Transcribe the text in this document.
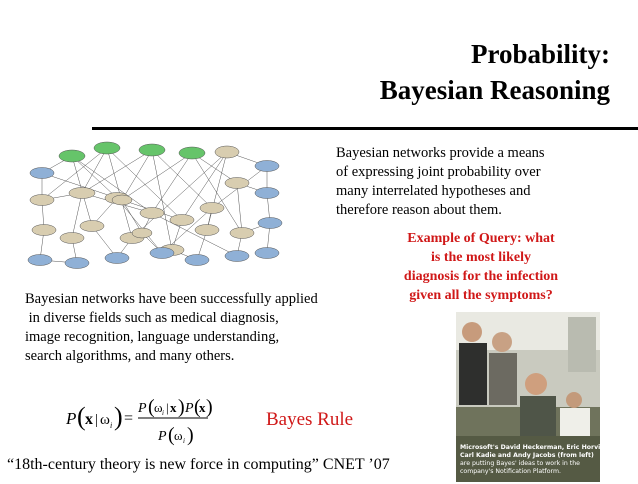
Probability:
Bayesian Reasoning
Bayesian networks provide a means
of expressing joint probability over
many interrelated hypotheses and
therefore reason about them.
Example of Query: what
is the most likely
diagnosis for the infection
given all the symptoms?
Bayesian networks have been successfully applied
in diverse fields such as medical diagnosis,
image recognition, language understanding,
search algorithms, and many others.
P ( x | ω i ) =
P ( ω i | x ) P (
x )
P ( ω i )
Bayes Rule
“18th-century theory is new force in computing” CNET ’07
Microsoft's David Heckerman, Eric Horvitz,
Carl Kadie and Andy Jacobs (from left)
are putting Bayes' ideas to work in the
company's Notification Platform.
